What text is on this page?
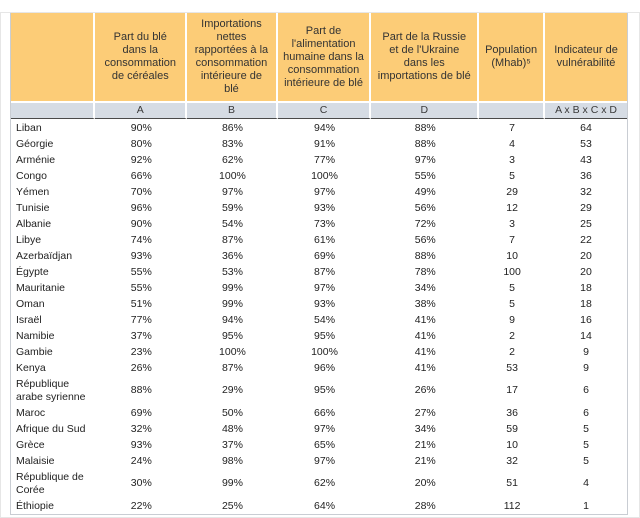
	Part du blé dans la consommation de céréales	Importations nettes rapportées à la consommation intérieure de blé	Part de l'alimentation humaine dans la consommation intérieure de blé	Part de la Russie et de l'Ukraine dans les importations de blé	Population (Mhab)⁵	Indicateur de vulnérabilité
	A	B	C	D		A x B x C x D
Liban	90%	86%	94%	88%	7	64
Géorgie	80%	83%	91%	88%	4	53
Arménie	92%	62%	77%	97%	3	43
Congo	66%	100%	100%	55%	5	36
Yémen	70%	97%	97%	49%	29	32
Tunisie	96%	59%	93%	56%	12	29
Albanie	90%	54%	73%	72%	3	25
Libye	74%	87%	61%	56%	7	22
Azerbaïdjan	93%	36%	69%	88%	10	20
Égypte	55%	53%	87%	78%	100	20
Mauritanie	55%	99%	97%	34%	5	18
Oman	51%	99%	93%	38%	5	18
Israël	77%	94%	54%	41%	9	16
Namibie	37%	95%	95%	41%	2	14
Gambie	23%	100%	100%	41%	2	9
Kenya	26%	87%	96%	41%	53	9
République arabe syrienne	88%	29%	95%	26%	17	6
Maroc	69%	50%	66%	27%	36	6
Afrique du Sud	32%	48%	97%	34%	59	5
Grèce	93%	37%	65%	21%	10	5
Malaisie	24%	98%	97%	21%	32	5
République de Corée	30%	99%	62%	20%	51	4
Éthiopie	22%	25%	64%	28%	112	1
